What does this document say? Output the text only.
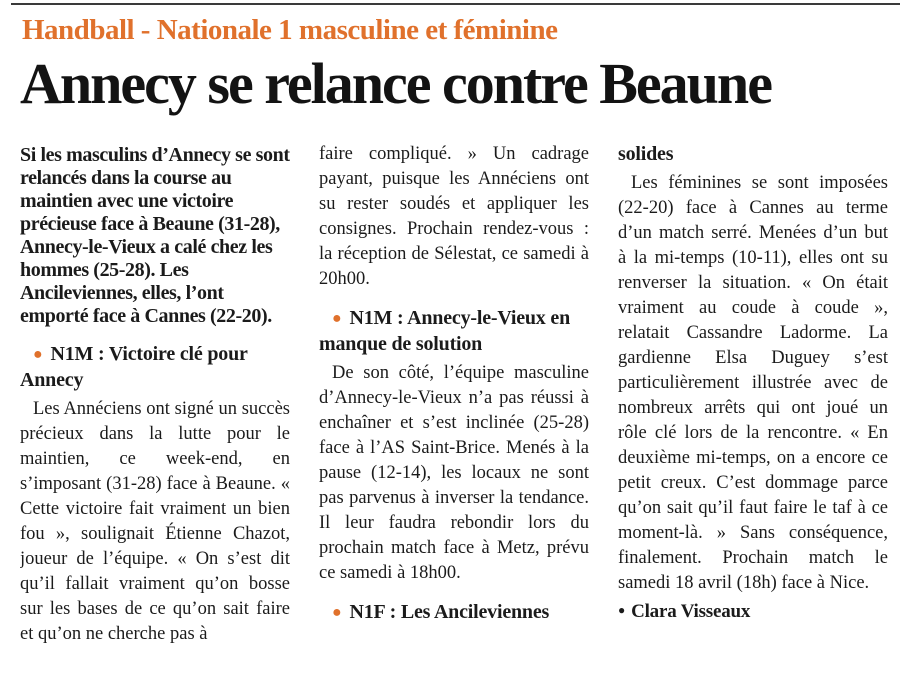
Handball - Nationale 1 masculine et féminine
Annecy se relance contre Beaune

Si les masculins d’Annecy se sont relancés dans la course au maintien avec une victoire précieuse face à Beaune (31-28), Annecy-le-Vieux a calé chez les hommes (25-28). Les Ancileviennes, elles, l’ont emporté face à Cannes (22-20).

● N1M : Victoire clé pour Annecy

Les Annéciens ont signé un succès précieux dans la lutte pour le maintien, ce week-end, en s’imposant (31-28) face à Beaune. « Cette victoire fait vraiment un bien fou », soulignait Étienne Chazot, joueur de l’équipe. « On s’est dit qu’il fallait vraiment qu’on bosse sur les bases de ce qu’on sait faire et qu’on ne cherche pas à

faire compliqué. » Un cadrage payant, puisque les Annéciens ont su rester soudés et appliquer les consignes. Prochain rendez-vous : la réception de Sélestat, ce samedi à 20h00.

● N1M : Annecy-le-Vieux en manque de solution

De son côté, l’équipe masculine d’Annecy-le-Vieux n’a pas réussi à enchaîner et s’est inclinée (25-28) face à l’AS Saint-Brice. Menés à la pause (12-14), les locaux ne sont pas parvenus à inverser la tendance. Il leur faudra rebondir lors du prochain match face à Metz, prévu ce samedi à 18h00.

● N1F : Les Ancileviennes

solides

Les féminines se sont imposées (22-20) face à Cannes au terme d’un match serré. Menées d’un but à la mi-temps (10-11), elles ont su renverser la situation. « On était vraiment au coude à coude », relatait Cassandre Ladorme. La gardienne Elsa Duguey s’est particulièrement illustrée avec de nombreux arrêts qui ont joué un rôle clé lors de la rencontre. « En deuxième mi-temps, on a encore ce petit creux. C’est dommage parce qu’on sait qu’il faut faire le taf à ce moment-là. » Sans conséquence, finalement. Prochain match le samedi 18 avril (18h) face à Nice.

● Clara Visseaux
